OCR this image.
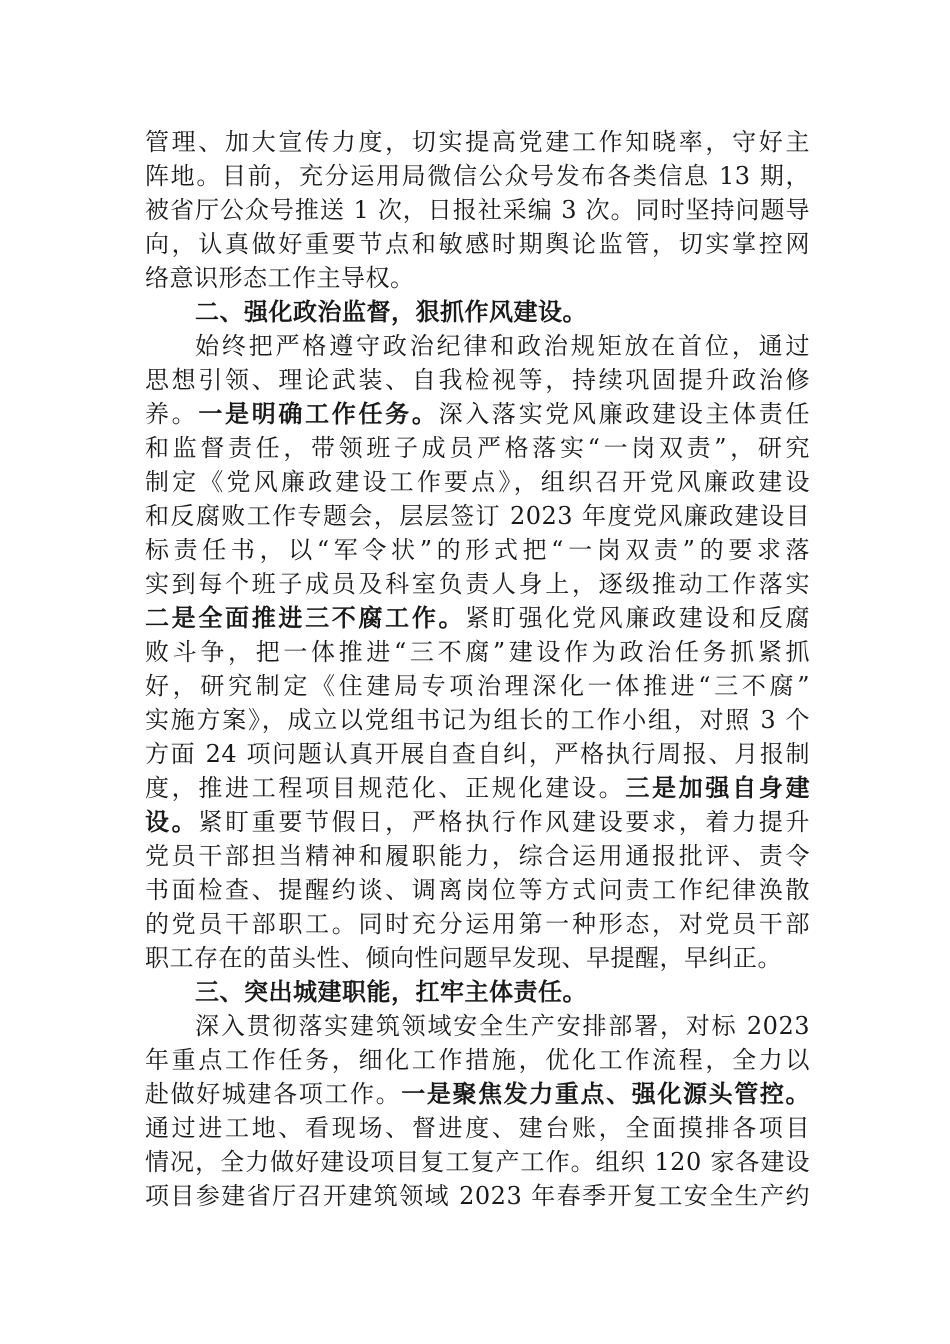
管理、加大宣传力度，切实提高党建工作知晓率，守好主
阵地。目前，充分运用局微信公众号发布各类信息 13 期，
被省厅公众号推送 1 次，日报社采编 3 次。同时坚持问题导
向，认真做好重要节点和敏感时期舆论监管，切实掌控网
络意识形态工作主导权。
二、强化政治监督，狠抓作风建设。
始终把严格遵守政治纪律和政治规矩放在首位，通过
思想引领、理论武装、自我检视等，持续巩固提升政治修
养。一是明确工作任务。深入落实党风廉政建设主体责任
和监督责任，带领班子成员严格落实“一岗双责”，研究
制定《党风廉政建设工作要点》，组织召开党风廉政建设
和反腐败工作专题会，层层签订 2023 年度党风廉政建设目
标责任书，以“军令状”的形式把“一岗双责”的要求落
实到每个班子成员及科室负责人身上，逐级推动工作落实
二是全面推进三不腐工作。紧盯强化党风廉政建设和反腐
败斗争，把一体推进“三不腐”建设作为政治任务抓紧抓
好，研究制定《住建局专项治理深化一体推进“三不腐”
实施方案》，成立以党组书记为组长的工作小组，对照 3 个
方面 24 项问题认真开展自查自纠，严格执行周报、月报制
度，推进工程项目规范化、正规化建设。三是加强自身建
设。紧盯重要节假日，严格执行作风建设要求，着力提升
党员干部担当精神和履职能力，综合运用通报批评、责令
书面检查、提醒约谈、调离岗位等方式问责工作纪律涣散
的党员干部职工。同时充分运用第一种形态，对党员干部
职工存在的苗头性、倾向性问题早发现、早提醒，早纠正。
三、突出城建职能，扛牢主体责任。
深入贯彻落实建筑领域安全生产安排部署，对标 2023
年重点工作任务，细化工作措施，优化工作流程，全力以
赴做好城建各项工作。一是聚焦发力重点、强化源头管控。
通过进工地、看现场、督进度、建台账，全面摸排各项目
情况，全力做好建设项目复工复产工作。组织 120 家各建设
项目参建省厅召开建筑领域 2023 年春季开复工安全生产约
